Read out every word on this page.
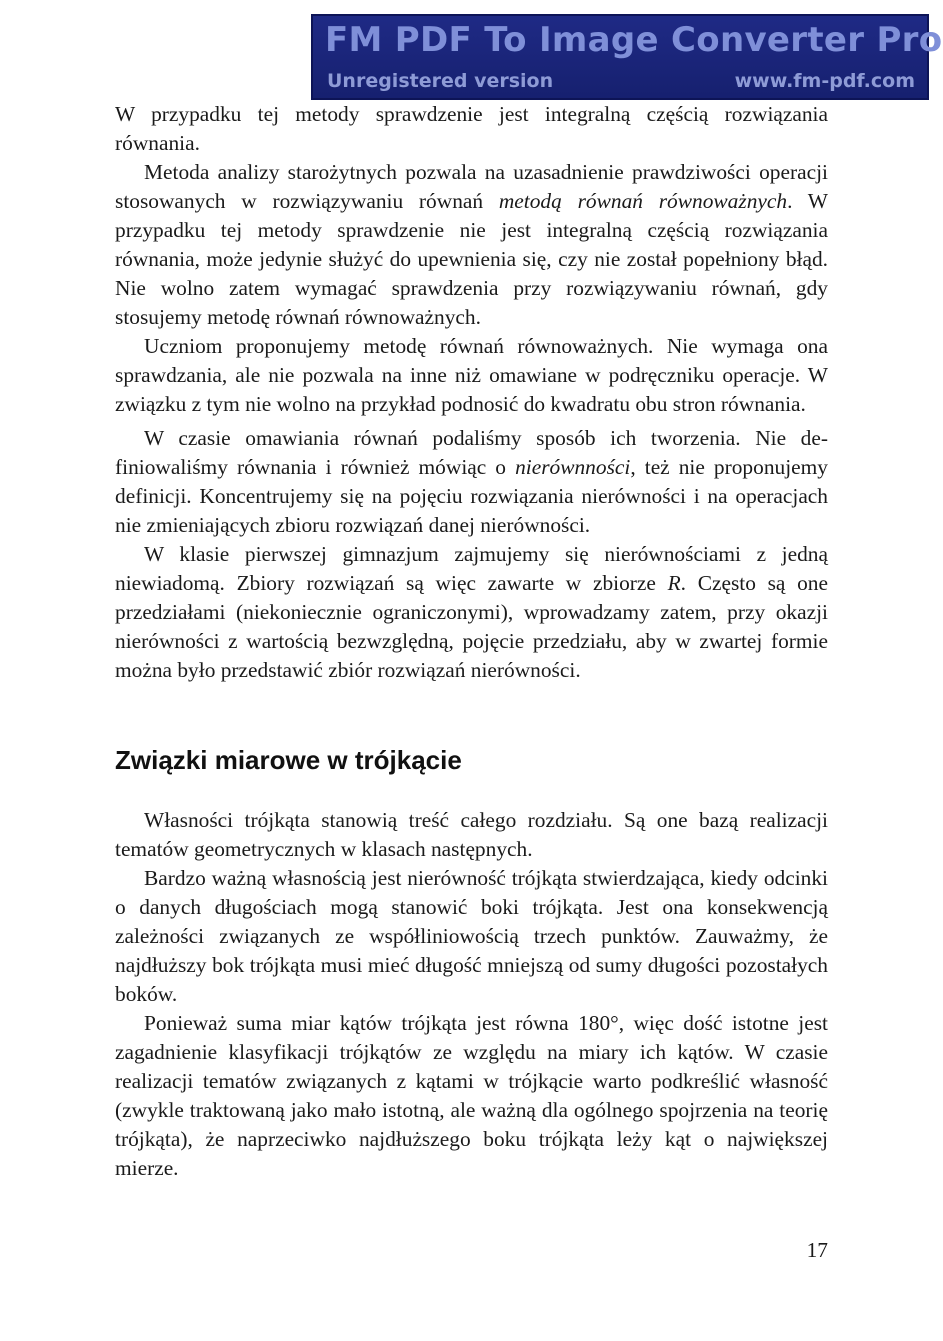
FM PDF To Image Converter Pro
Unregistered version	www.fm-pdf.com

W przypadku tej metody sprawdzenie jest integralną częścią rozwiązania równania.

Metoda analizy starożytnych pozwala na uzasadnienie prawdziwości operacji stosowanych w rozwiązywaniu równań metodą równań równoważnych. W przypadku tej metody sprawdzenie nie jest integralną częścią rozwiązania równania, może jedynie służyć do upewnienia się, czy nie został popełniony błąd. Nie wolno zatem wymagać sprawdzenia przy rozwiązywaniu równań, gdy stosujemy metodę równań równoważnych.

Uczniom proponujemy metodę równań równoważnych. Nie wymaga ona sprawdzania, ale nie pozwala na inne niż omawiane w podręczniku operacje. W związku z tym nie wolno na przykład podnosić do kwadratu obu stron równania.

W czasie omawiania równań podaliśmy sposób ich tworzenia. Nie definiowaliśmy równania i również mówiąc o nierównności, też nie proponujemy definicji. Koncentrujemy się na pojęciu rozwiązania nierówności i na operacjach nie zmieniających zbioru rozwiązań danej nierówności.

W klasie pierwszej gimnazjum zajmujemy się nierównościami z jedną niewiadomą. Zbiory rozwiązań są więc zawarte w zbiorze R. Często są one przedziałami (niekoniecznie ograniczonymi), wprowadzamy zatem, przy okazji nierówności z wartością bezwzględną, pojęcie przedziału, aby w zwartej formie można było przedstawić zbiór rozwiązań nierówności.

Związki miarowe w trójkącie

Własności trójkąta stanowią treść całego rozdziału. Są one bazą realizacji tematów geometrycznych w klasach następnych.

Bardzo ważną własnością jest nierówność trójkąta stwierdzająca, kiedy odcinki o danych długościach mogą stanowić boki trójkąta. Jest ona konsekwencją zależności związanych ze współliniowością trzech punktów. Zauważmy, że najdłuższy bok trójkąta musi mieć długość mniejszą od sumy długości pozostałych boków.

Ponieważ suma miar kątów trójkąta jest równa 180°, więc dość istotne jest zagadnienie klasyfikacji trójkątów ze względu na miary ich kątów. W czasie realizacji tematów związanych z kątami w trójkącie warto podkreślić własność (zwykle traktowaną jako mało istotną, ale ważną dla ogólnego spojrzenia na teorię trójkąta), że naprzeciwko najdłuższego boku trójkąta leży kąt o największej mierze.

17
